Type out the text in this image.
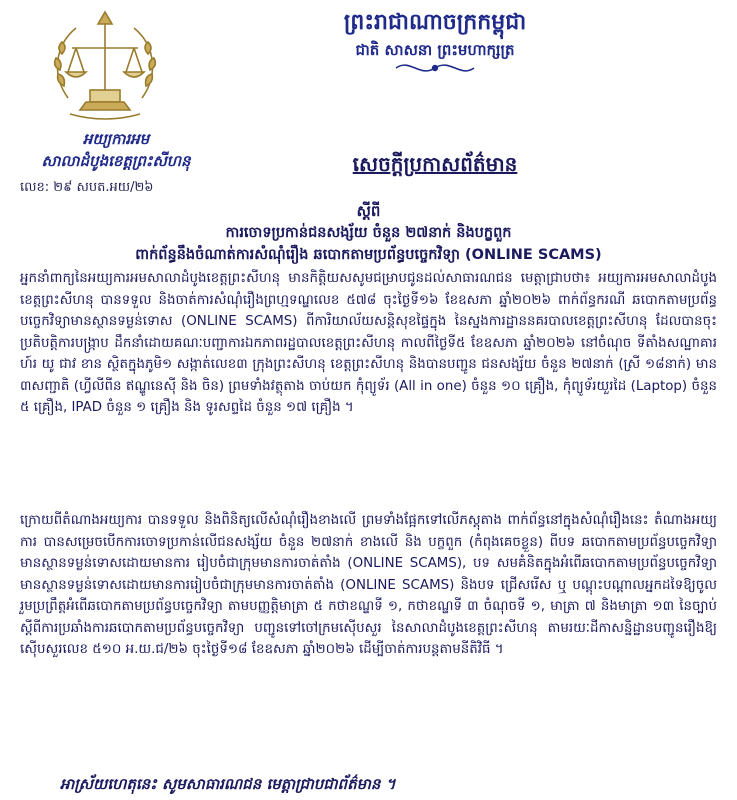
អយ្យការអម
សាលាដំបូងខេត្តព្រះសីហនុ
ព្រះរាជាណាចក្រកម្ពុជា
ជាតិ សាសនា ព្រះមហាក្សត្រ
សេចក្ដីប្រកាសព័ត៌មាន
លេខ: ២៩ សបត.អយ/២៦
ស្ដីពី
ការចោទប្រកាន់ជនសង្ស័យ ចំនួន ២៧នាក់ និងបក្ខពួក
ពាក់ព័ន្ធនឹងចំណាត់ការសំណុំរឿង ឆបោកតាមប្រព័ន្ធបច្ចេកវិទ្យា (ONLINE SCAMS)
អ្នកនាំពាក្យនៃអយ្យការអមសាលាដំបូងខេត្តព្រះសីហនុ មានកិត្តិយសសូមជម្រាបជូនដល់សាធារណជន មេត្តាជ្រាបថា៖ អយ្យការអមសាលាដំបូងខេត្តព្រះសីហនុ បានទទួល និងចាត់ការសំណុំរឿងព្រហ្មទណ្ឌលេខ ៥៧៨ ចុះថ្ងៃទី១៦ ខែឧសភា ឆ្នាំ២០២៦ ពាក់ព័ន្ធករណី ឆបោកតាមប្រព័ន្ធបច្ចេកវិទ្យាមានស្ថានទម្ងន់ទោស (ONLINE SCAMS) ពីការិយាល័យសន្តិសុខផ្ទៃក្នុង នៃស្នងការដ្ឋាននគរបាលខេត្តព្រះសីហនុ ដែលបានចុះប្រតិបត្តិការបង្ក្រាប ដឹកនាំដោយគណៈបញ្ជាការឯកភាពរដ្ឋបាលខេត្តព្រះសីហនុ កាលពីថ្ងៃទី៥ ខែឧសភា ឆ្នាំ២០២៦ នៅចំណុច ទីតាំងសណ្ឋាគារ ហ៍រ យូ ជាវ ខាន ស្ថិតក្នុងភូមិ១ សង្កាត់លេខ៣ ក្រុងព្រះសីហនុ ខេត្តព្រះសីហនុ និងបានបញ្ជូន ជនសង្ស័យ ចំនួន ២៧នាក់ (ស្រី ១៨នាក់) មាន ៣សញ្ជាតិ (ហ្វីលីពីន ឥណ្ឌូនេស៊ី និង ចិន) ព្រមទាំងវត្ថុតាង ចាប់យក កុំព្យូទ័រ (All in one) ចំនួន ១០ គ្រឿង, កុំព្យូទ័រយួរដៃ (Laptop) ចំនួន ៥ គ្រឿង, IPAD ចំនួន ១ គ្រឿង និង ទូរសព្ទដៃ ចំនួន ១៧ គ្រឿង ។
ក្រោយពីតំណាងអយ្យការ បានទទួល និងពិនិត្យលើសំណុំរឿងខាងលើ ព្រមទាំងផ្អែកទៅលើភស្តុតាង ពាក់ព័ន្ធនៅក្នុងសំណុំរឿងនេះ តំណាងអយ្យការ បានសម្រេចបើកការចោទប្រកាន់លើជនសង្ស័យ ចំនួន ២៧នាក់ ខាងលើ និង បក្ខពួក (កំពុងគេចខ្លួន) ពីបទ ឆបោកតាមប្រព័ន្ធបច្ចេកវិទ្យាមានស្ថានទម្ងន់ទោសដោយមានការ រៀបចំជាក្រុមមានការចាត់តាំង (ONLINE SCAMS), បទ សមគំនិតក្នុងអំពើឆបោកតាមប្រព័ន្ធបច្ចេកវិទ្យា មានស្ថានទម្ងន់ទោសដោយមានការរៀបចំជាក្រុមមានការចាត់តាំង (ONLINE SCAMS) និងបទ ជ្រើសរើស ឬ បណ្ដុះបណ្ដាលអ្នកដទៃឱ្យចូលរួមប្រព្រឹត្តអំពើឆបោកតាមប្រព័ន្ធបច្ចេកវិទ្យា តាមបញ្ញត្តិមាត្រា ៥ កថាខណ្ឌទី ១, កថាខណ្ឌទី ៣ ចំណុចទី ១, មាត្រា ៧ និងមាត្រា ១៣ នៃច្បាប់ស្ដីពីការប្រឆាំងការឆបោកតាមប្រព័ន្ធបច្ចេកវិទ្យា បញ្ជូនទៅចៅក្រមស៊ើបសួរ នៃសាលាដំបូងខេត្តព្រះសីហនុ តាមរយៈដីកាសន្និដ្ឋានបញ្ជូនរឿងឱ្យស៊ើបសួរលេខ ៥១០ អ.យ.ជ/២៦ ចុះថ្ងៃទី១៨ ខែឧសភា ឆ្នាំ២០២៦ ដើម្បីចាត់ការបន្តតាមនីតិវិធី ។
អាស្រ័យហេតុនេះ សូមសាធារណជន មេត្តាជ្រាបជាព័ត៌មាន ។
